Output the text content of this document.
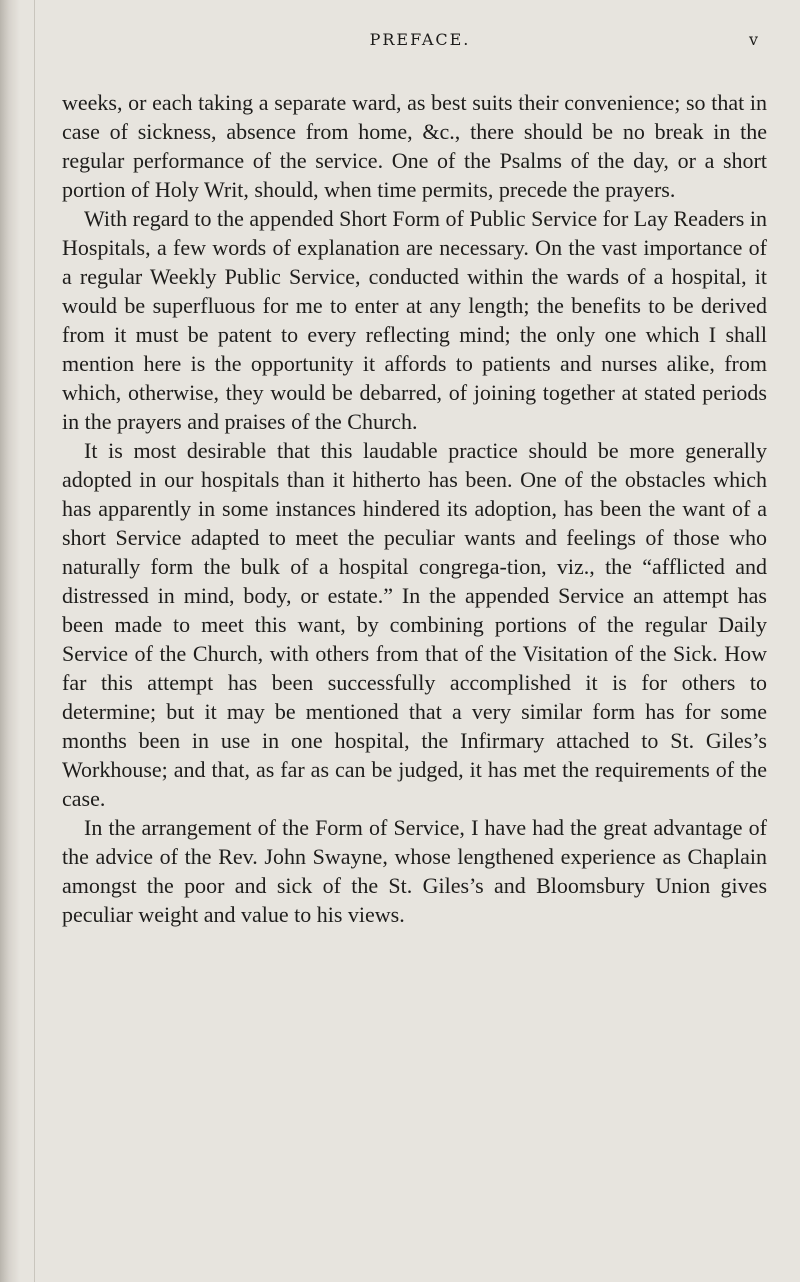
PREFACE.	v

weeks, or each taking a separate ward, as best suits their convenience; so that in case of sickness, absence from home, &c., there should be no break in the regular performance of the service. One of the Psalms of the day, or a short portion of Holy Writ, should, when time permits, precede the prayers.

With regard to the appended Short Form of Public Service for Lay Readers in Hospitals, a few words of explanation are necessary. On the vast importance of a regular Weekly Public Service, conducted within the wards of a hospital, it would be superfluous for me to enter at any length; the benefits to be derived from it must be patent to every reflecting mind; the only one which I shall mention here is the opportunity it affords to patients and nurses alike, from which, otherwise, they would be debarred, of joining together at stated periods in the prayers and praises of the Church.

It is most desirable that this laudable practice should be more generally adopted in our hospitals than it hitherto has been. One of the obstacles which has apparently in some instances hindered its adoption, has been the want of a short Service adapted to meet the peculiar wants and feelings of those who naturally form the bulk of a hospital congrega-tion, viz., the “afflicted and distressed in mind, body, or estate.” In the appended Service an attempt has been made to meet this want, by combining portions of the regular Daily Service of the Church, with others from that of the Visitation of the Sick. How far this attempt has been successfully accomplished it is for others to determine; but it may be mentioned that a very similar form has for some months been in use in one hospital, the Infirmary attached to St. Giles’s Workhouse; and that, as far as can be judged, it has met the requirements of the case.

In the arrangement of the Form of Service, I have had the great advantage of the advice of the Rev. John Swayne, whose lengthened experience as Chaplain amongst the poor and sick of the St. Giles’s and Bloomsbury Union gives peculiar weight and value to his views.
